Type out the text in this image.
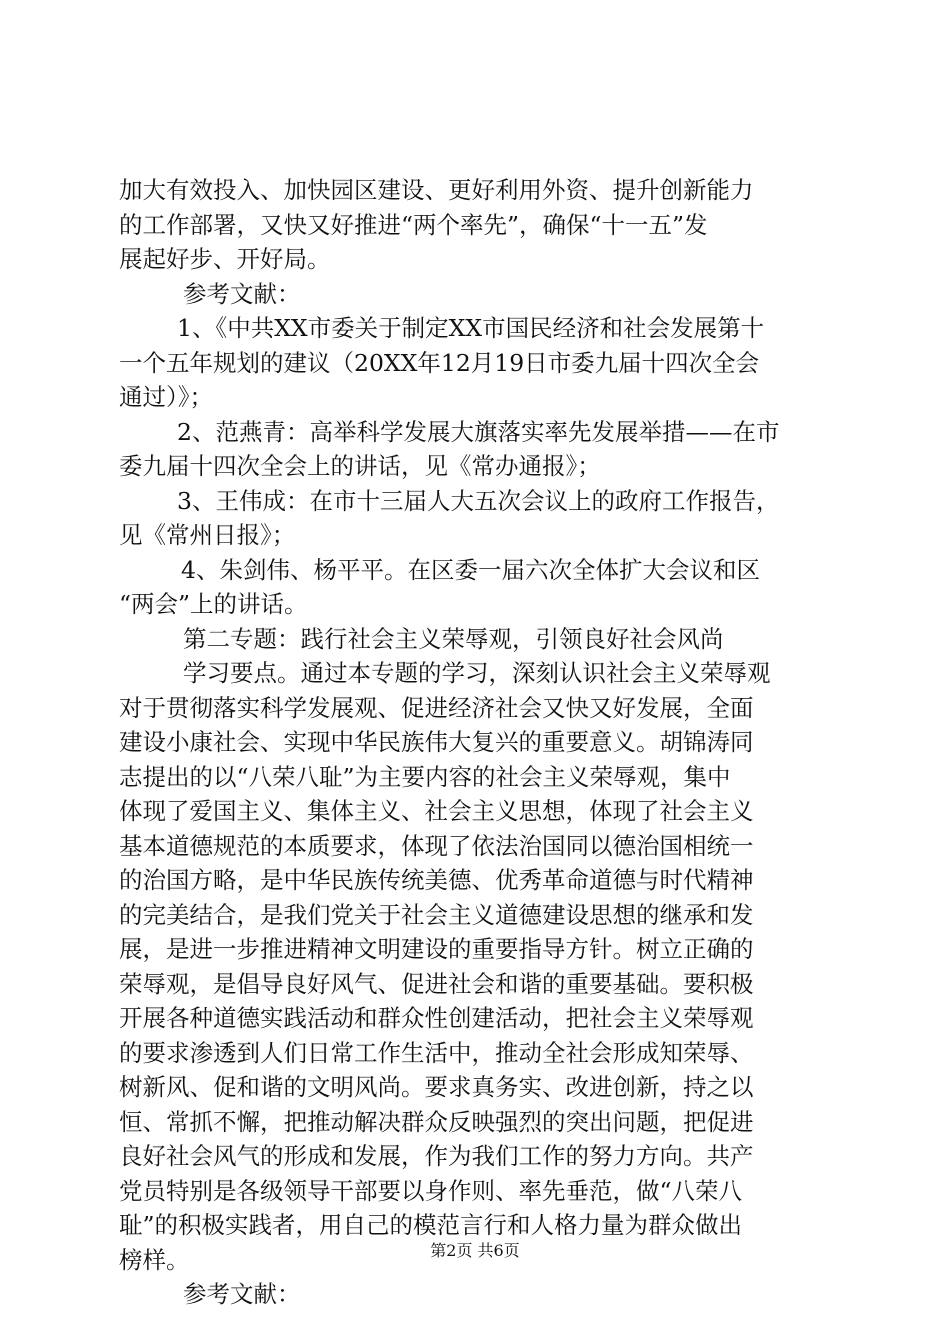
加大有效投入、加快园区建设、更好利用外资、提升创新能力
的工作部署，又快又好推进“两个率先”，确保“十一五”发
展起好步、开好局。
参考文献：
1、《中共XX市委关于制定XX市国民经济和社会发展第十
一个五年规划的建议（20XX年12月19日市委九届十四次全会
通过）》；
2、范燕青：高举科学发展大旗落实率先发展举措——在市
委九届十四次全会上的讲话，见《常办通报》；
3、王伟成：在市十三届人大五次会议上的政府工作报告，
见《常州日报》；
4、朱剑伟、杨平平。在区委一届六次全体扩大会议和区
“两会”上的讲话。
第二专题：践行社会主义荣辱观，引领良好社会风尚
学习要点。通过本专题的学习，深刻认识社会主义荣辱观
对于贯彻落实科学发展观、促进经济社会又快又好发展，全面
建设小康社会、实现中华民族伟大复兴的重要意义。胡锦涛同
志提出的以“八荣八耻”为主要内容的社会主义荣辱观，集中
体现了爱国主义、集体主义、社会主义思想，体现了社会主义
基本道德规范的本质要求，体现了依法治国同以德治国相统一
的治国方略，是中华民族传统美德、优秀革命道德与时代精神
的完美结合，是我们党关于社会主义道德建设思想的继承和发
展，是进一步推进精神文明建设的重要指导方针。树立正确的
荣辱观，是倡导良好风气、促进社会和谐的重要基础。要积极
开展各种道德实践活动和群众性创建活动，把社会主义荣辱观
的要求渗透到人们日常工作生活中，推动全社会形成知荣辱、
树新风、促和谐的文明风尚。要求真务实、改进创新，持之以
恒、常抓不懈，把推动解决群众反映强烈的突出问题，把促进
良好社会风气的形成和发展，作为我们工作的努力方向。共产
党员特别是各级领导干部要以身作则、率先垂范，做“八荣八
耻”的积极实践者，用自己的模范言行和人格力量为群众做出
榜样。
参考文献：
第2页 共6页
